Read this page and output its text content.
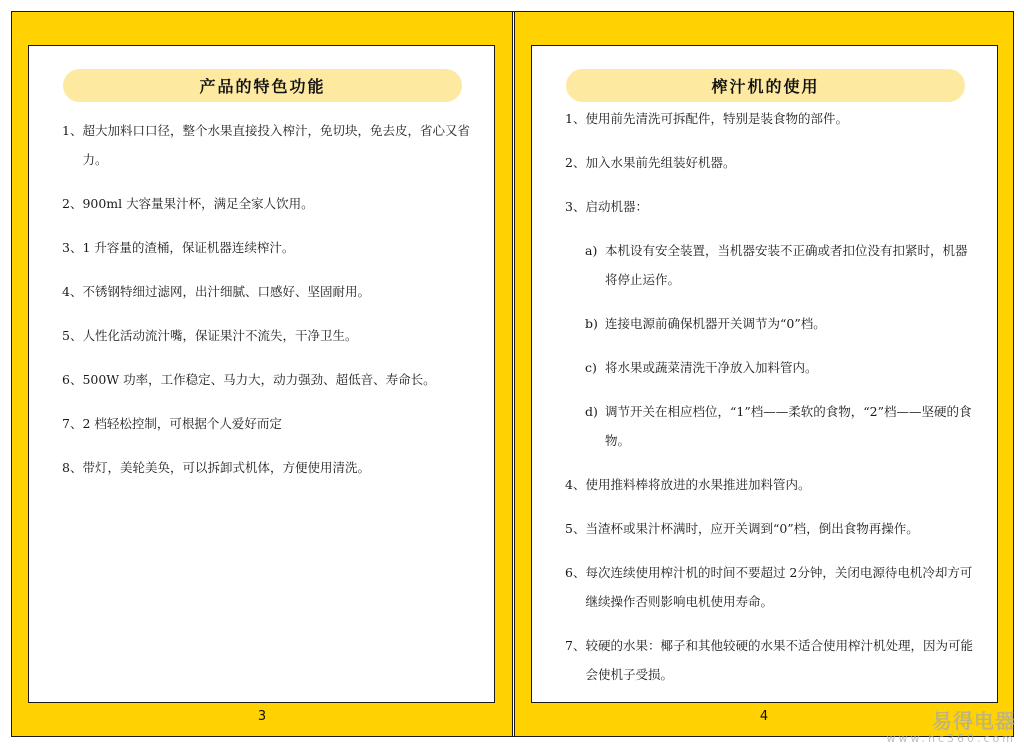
产品的特色功能
1、 超大加料口口径，整个水果直接投入榨汁，免切块，免去皮，省心又省力。
2、 900ml 大容量果汁杯，满足全家人饮用。
3、 1 升容量的渣桶，保证机器连续榨汁。
4、 不锈钢特细过滤网，出汁细腻、口感好、坚固耐用。
5、 人性化活动流汁嘴，保证果汁不流失，干净卫生。
6、 500W 功率，工作稳定、马力大，动力强劲、超低音、寿命长。
7、 2 档轻松控制，可根据个人爱好而定
8、 带灯，美轮美奂，可以拆卸式机体，方便使用清洗。
3
榨汁机的使用
1、 使用前先清洗可拆配件，特别是装食物的部件。
2、 加入水果前先组装好机器。
3、 启动机器：
a) 本机设有安全装置，当机器安装不正确或者扣位没有扣紧时，机器将停止运作。
b) 连接电源前确保机器开关调节为“0”档。
c) 将水果或蔬菜清洗干净放入加料管内。
d) 调节开关在相应档位，“1”档——柔软的食物，“2”档——坚硬的食物。
4、 使用推料棒将放进的水果推进加料管内。
5、 当渣杯或果汁杯满时，应开关调到“0”档，倒出食物再操作。
6、 每次连续使用榨汁机的时间不要超过 2分钟，关闭电源待电机冷却方可继续操作否则影响电机使用寿命。
7、 较硬的水果：椰子和其他较硬的水果不适合使用榨汁机处理，因为可能会使机子受损。
4	易得电器
www.hc360.com
